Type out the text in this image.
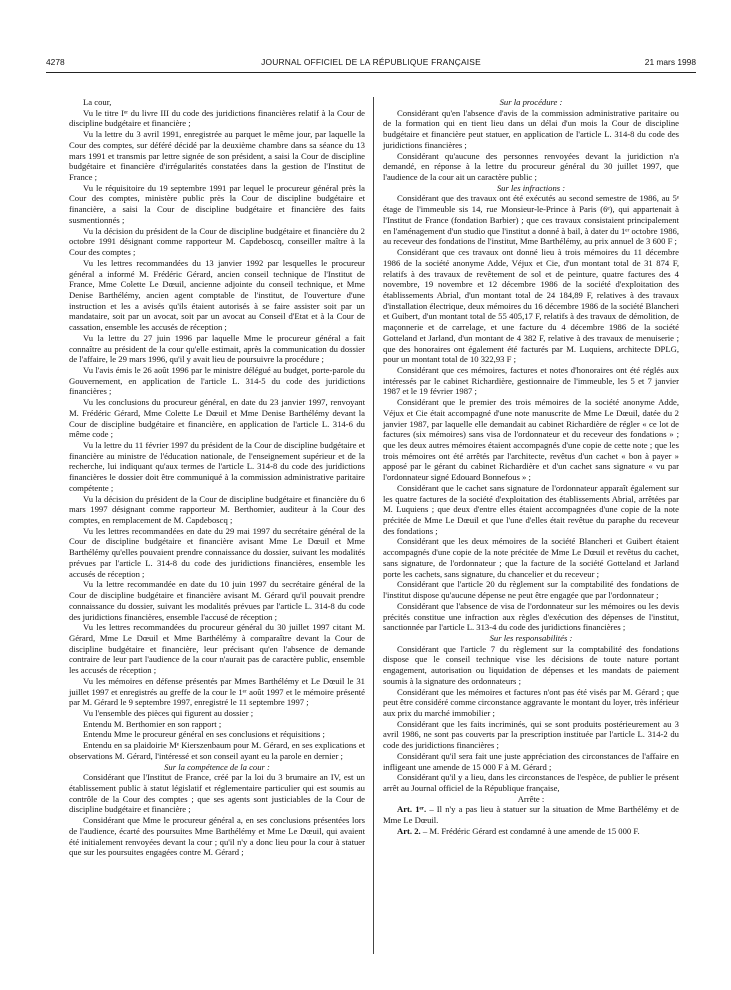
4278	JOURNAL OFFICIEL DE LA RÉPUBLIQUE FRANÇAISE	21 mars 1998

La cour,

Vu le titre Iᵉʳ du livre III du code des juridictions financières relatif à la Cour de discipline budgétaire et financière ;

Vu la lettre du 3 avril 1991, enregistrée au parquet le même jour, par laquelle la Cour des comptes, sur déféré décidé par la deuxième chambre dans sa séance du 13 mars 1991 et transmis par lettre signée de son président, a saisi la Cour de discipline budgétaire et financière d'irrégularités constatées dans la gestion de l'Institut de France ;

Vu le réquisitoire du 19 septembre 1991 par lequel le procureur général près la Cour des comptes, ministère public près la Cour de discipline budgétaire et financière, a saisi la Cour de discipline budgétaire et financière des faits susmentionnés ;

Vu la décision du président de la Cour de discipline budgétaire et financière du 2 octobre 1991 désignant comme rapporteur M. Capdeboscq, conseiller maître à la Cour des comptes ;

Vu les lettres recommandées du 13 janvier 1992 par lesquelles le procureur général a informé M. Frédéric Gérard, ancien conseil technique de l'Institut de France, Mme Colette Le Dœuil, ancienne adjointe du conseil technique, et Mme Denise Barthélémy, ancien agent comptable de l'institut, de l'ouverture d'une instruction et les a avisés qu'ils étaient autorisés à se faire assister soit par un mandataire, soit par un avocat, soit par un avocat au Conseil d'Etat et à la Cour de cassation, ensemble les accusés de réception ;

Vu la lettre du 27 juin 1996 par laquelle Mme le procureur général a fait connaître au président de la cour qu'elle estimait, après la communication du dossier de l'affaire, le 29 mars 1996, qu'il y avait lieu de poursuivre la procédure ;

Vu l'avis émis le 26 août 1996 par le ministre délégué au budget, porte-parole du Gouvernement, en application de l'article L. 314-5 du code des juridictions financières ;

Vu les conclusions du procureur général, en date du 23 janvier 1997, renvoyant M. Frédéric Gérard, Mme Colette Le Dœuil et Mme Denise Barthélémy devant la Cour de discipline budgétaire et financière, en application de l'article L. 314-6 du même code ;

Vu la lettre du 11 février 1997 du président de la Cour de discipline budgétaire et financière au ministre de l'éducation nationale, de l'enseignement supérieur et de la recherche, lui indiquant qu'aux termes de l'article L. 314-8 du code des juridictions financières le dossier doit être communiqué à la commission administrative paritaire compétente ;

Vu la décision du président de la Cour de discipline budgétaire et financière du 6 mars 1997 désignant comme rapporteur M. Berthomier, auditeur à la Cour des comptes, en remplacement de M. Capdeboscq ;

Vu les lettres recommandées en date du 29 mai 1997 du secrétaire général de la Cour de discipline budgétaire et financière avisant Mme Le Dœuil et Mme Barthélémy qu'elles pouvaient prendre connaissance du dossier, suivant les modalités prévues par l'article L. 314-8 du code des juridictions financières, ensemble les accusés de réception ;

Vu la lettre recommandée en date du 10 juin 1997 du secrétaire général de la Cour de discipline budgétaire et financière avisant M. Gérard qu'il pouvait prendre connaissance du dossier, suivant les modalités prévues par l'article L. 314-8 du code des juridictions financières, ensemble l'accusé de réception ;

Vu les lettres recommandées du procureur général du 30 juillet 1997 citant M. Gérard, Mme Le Dœuil et Mme Barthélémy à comparaître devant la Cour de discipline budgétaire et financière, leur précisant qu'en l'absence de demande contraire de leur part l'audience de la cour n'aurait pas de caractère public, ensemble les accusés de réception ;

Vu les mémoires en défense présentés par Mmes Barthélémy et Le Dœuil le 31 juillet 1997 et enregistrés au greffe de la cour le 1ᵉʳ août 1997 et le mémoire présenté par M. Gérard le 9 septembre 1997, enregistré le 11 septembre 1997 ;

Vu l'ensemble des pièces qui figurent au dossier ;

Entendu M. Berthomier en son rapport ;

Entendu Mme le procureur général en ses conclusions et réquisitions ;

Entendu en sa plaidoirie Mᵉ Kierszenbaum pour M. Gérard, en ses explications et observations M. Gérard, l'intéressé et son conseil ayant eu la parole en dernier ;

Sur la compétence de la cour :

Considérant que l'Institut de France, créé par la loi du 3 brumaire an IV, est un établissement public à statut législatif et réglementaire particulier qui est soumis au contrôle de la Cour des comptes ; que ses agents sont justiciables de la Cour de discipline budgétaire et financière ;

Considérant que Mme le procureur général a, en ses conclusions présentées lors de l'audience, écarté des poursuites Mme Barthélémy et Mme Le Dœuil, qui avaient été initialement renvoyées devant la cour ; qu'il n'y a donc lieu pour la cour à statuer que sur les poursuites engagées contre M. Gérard ;

Sur la procédure :

Considérant qu'en l'absence d'avis de la commission administrative paritaire ou de la formation qui en tient lieu dans un délai d'un mois la Cour de discipline budgétaire et financière peut statuer, en application de l'article L. 314-8 du code des juridictions financières ;

Considérant qu'aucune des personnes renvoyées devant la juridiction n'a demandé, en réponse à la lettre du procureur général du 30 juillet 1997, que l'audience de la cour ait un caractère public ;

Sur les infractions :

Considérant que des travaux ont été exécutés au second semestre de 1986, au 5ᵉ étage de l'immeuble sis 14, rue Monsieur-le-Prince à Paris (6ᵉ), qui appartenait à l'Institut de France (fondation Barbier) ; que ces travaux consistaient principalement en l'aménagement d'un studio que l'institut a donné à bail, à dater du 1ᵉʳ octobre 1986, au receveur des fondations de l'institut, Mme Barthélémy, au prix annuel de 3 600 F ;

Considérant que ces travaux ont donné lieu à trois mémoires du 11 décembre 1986 de la société anonyme Adde, Véjux et Cie, d'un montant total de 31 874 F, relatifs à des travaux de revêtement de sol et de peinture, quatre factures des 4 novembre, 19 novembre et 12 décembre 1986 de la société d'exploitation des établissements Abrial, d'un montant total de 24 184,89 F, relatives à des travaux d'installation électrique, deux mémoires du 16 décembre 1986 de la société Blancheri et Guibert, d'un montant total de 55 405,17 F, relatifs à des travaux de démolition, de maçonnerie et de carrelage, et une facture du 4 décembre 1986 de la société Gotteland et Jarland, d'un montant de 4 382 F, relative à des travaux de menuiserie ; que des honoraires ont également été facturés par M. Luquiens, architecte DPLG, pour un montant total de 10 322,93 F ;

Considérant que ces mémoires, factures et notes d'honoraires ont été réglés aux intéressés par le cabinet Richardière, gestionnaire de l'immeuble, les 5 et 7 janvier 1987 et le 19 février 1987 ;

Considérant que le premier des trois mémoires de la société anonyme Adde, Véjux et Cie était accompagné d'une note manuscrite de Mme Le Dœuil, datée du 2 janvier 1987, par laquelle elle demandait au cabinet Richardière de régler « ce lot de factures (six mémoires) sans visa de l'ordonnateur et du receveur des fondations » ; que les deux autres mémoires étaient accompagnés d'une copie de cette note ; que les trois mémoires ont été arrêtés par l'architecte, revêtus d'un cachet « bon à payer » apposé par le gérant du cabinet Richardière et d'un cachet sans signature « vu par l'ordonnateur signé Edouard Bonnefous » ;

Considérant que le cachet sans signature de l'ordonnateur apparaît également sur les quatre factures de la société d'exploitation des établissements Abrial, arrêtées par M. Luquiens ; que deux d'entre elles étaient accompagnées d'une copie de la note précitée de Mme Le Dœuil et que l'une d'elles était revêtue du paraphe du receveur des fondations ;

Considérant que les deux mémoires de la société Blancheri et Guibert étaient accompagnés d'une copie de la note précitée de Mme Le Dœuil et revêtus du cachet, sans signature, de l'ordonnateur ; que la facture de la société Gotteland et Jarland porte les cachets, sans signature, du chancelier et du receveur ;

Considérant que l'article 20 du règlement sur la comptabilité des fondations de l'institut dispose qu'aucune dépense ne peut être engagée que par l'ordonnateur ;

Considérant que l'absence de visa de l'ordonnateur sur les mémoires ou les devis précités constitue une infraction aux règles d'exécution des dépenses de l'institut, sanctionnée par l'article L. 313-4 du code des juridictions financières ;

Sur les responsabilités :

Considérant que l'article 7 du règlement sur la comptabilité des fondations dispose que le conseil technique vise les décisions de toute nature portant engagement, autorisation ou liquidation de dépenses et les mandats de paiement soumis à la signature des ordonnateurs ;

Considérant que les mémoires et factures n'ont pas été visés par M. Gérard ; que peut être considéré comme circonstance aggravante le montant du loyer, très inférieur aux prix du marché immobilier ;

Considérant que les faits incriminés, qui se sont produits postérieurement au 3 avril 1986, ne sont pas couverts par la prescription instituée par l'article L. 314-2 du code des juridictions financières ;

Considérant qu'il sera fait une juste appréciation des circonstances de l'affaire en infligeant une amende de 15 000 F à M. Gérard ;

Considérant qu'il y a lieu, dans les circonstances de l'espèce, de publier le présent arrêt au Journal officiel de la République française,

Arrête :

Art. 1ᵉʳ. – Il n'y a pas lieu à statuer sur la situation de Mme Barthélémy et de Mme Le Dœuil.

Art. 2. – M. Frédéric Gérard est condamné à une amende de 15 000 F.
